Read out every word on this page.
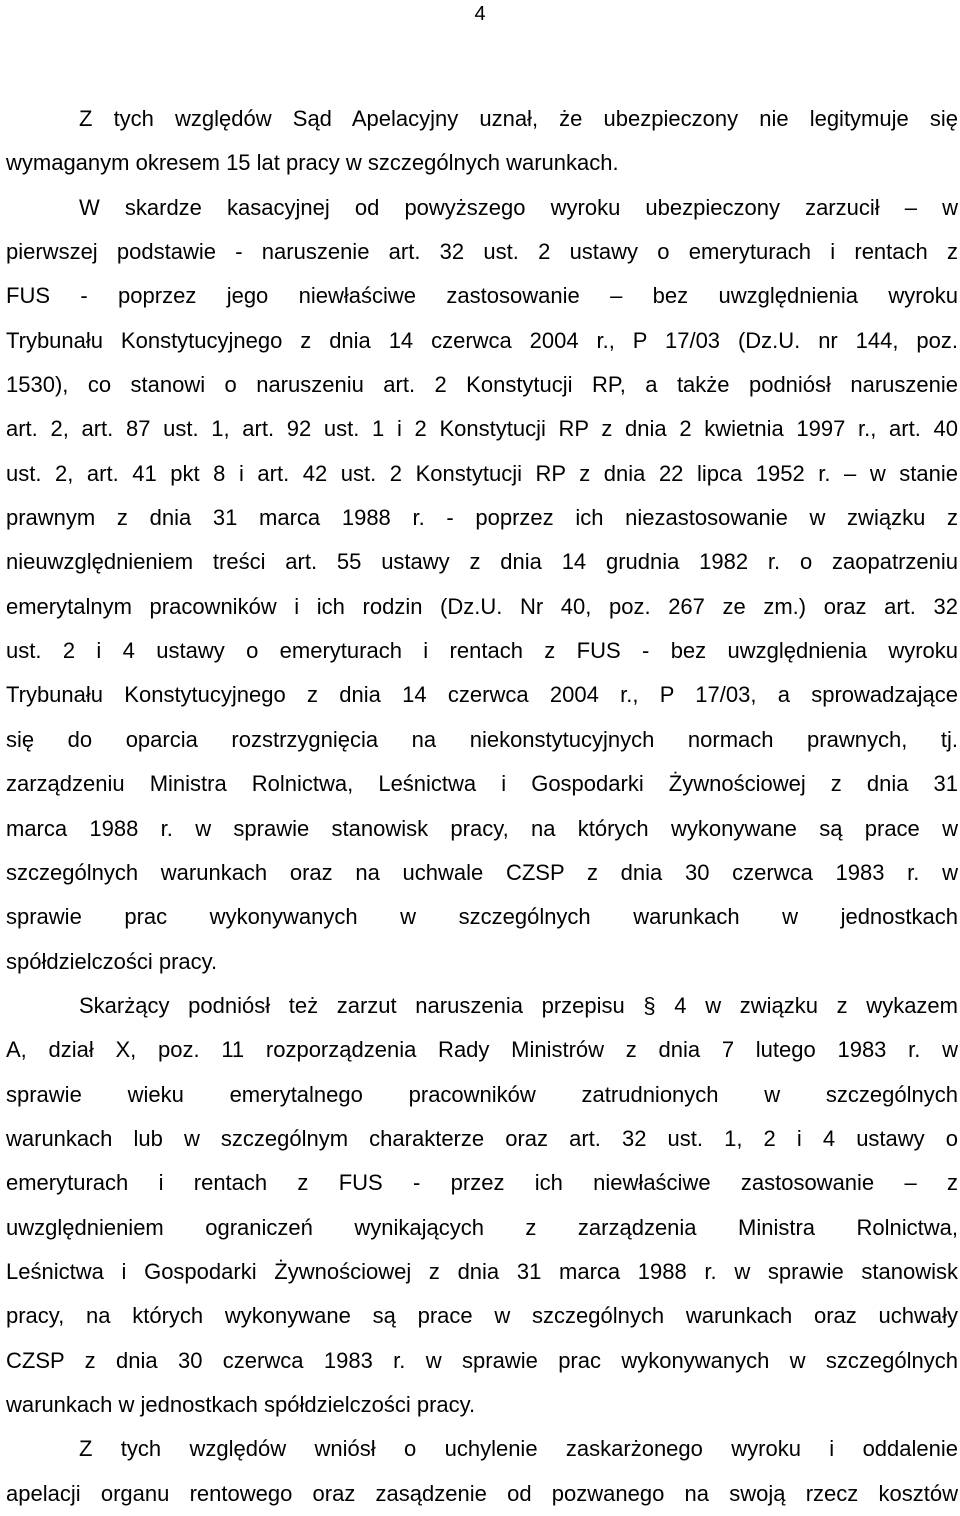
4
Z tych względów Sąd Apelacyjny uznał, że ubezpieczony nie legitymuje się
wymaganym okresem 15 lat pracy w szczególnych warunkach.
W skardze kasacyjnej od powyższego wyroku ubezpieczony zarzucił – w
pierwszej podstawie - naruszenie art. 32 ust. 2 ustawy o emeryturach i rentach z
FUS - poprzez jego niewłaściwe zastosowanie – bez uwzględnienia wyroku
Trybunału Konstytucyjnego z dnia 14 czerwca 2004 r., P 17/03 (Dz.U. nr 144, poz.
1530), co stanowi o naruszeniu art. 2 Konstytucji RP, a także podniósł naruszenie
art. 2, art. 87 ust. 1, art. 92 ust. 1 i 2 Konstytucji RP z dnia 2 kwietnia 1997 r., art. 40
ust. 2, art. 41 pkt 8 i art. 42 ust. 2 Konstytucji RP z dnia 22 lipca 1952 r. – w stanie
prawnym z dnia 31 marca 1988 r. - poprzez ich niezastosowanie w związku z
nieuwzględnieniem treści art. 55 ustawy z dnia 14 grudnia 1982 r. o zaopatrzeniu
emerytalnym pracowników i ich rodzin (Dz.U. Nr 40, poz. 267 ze zm.) oraz art. 32
ust. 2 i 4 ustawy o emeryturach i rentach z FUS - bez uwzględnienia wyroku
Trybunału Konstytucyjnego z dnia 14 czerwca 2004 r., P 17/03, a sprowadzające
się do oparcia rozstrzygnięcia na niekonstytucyjnych normach prawnych, tj.
zarządzeniu Ministra Rolnictwa, Leśnictwa i Gospodarki Żywnościowej z dnia 31
marca 1988 r. w sprawie stanowisk pracy, na których wykonywane są prace w
szczególnych warunkach oraz na uchwale CZSP z dnia 30 czerwca 1983 r. w
sprawie prac wykonywanych w szczególnych warunkach w jednostkach
spółdzielczości pracy.
Skarżący podniósł też zarzut naruszenia przepisu § 4 w związku z wykazem
A, dział X, poz. 11 rozporządzenia Rady Ministrów z dnia 7 lutego 1983 r. w
sprawie wieku emerytalnego pracowników zatrudnionych w szczególnych
warunkach lub w szczególnym charakterze oraz art. 32 ust. 1, 2 i 4 ustawy o
emeryturach i rentach z FUS - przez ich niewłaściwe zastosowanie – z
uwzględnieniem ograniczeń wynikających z zarządzenia Ministra Rolnictwa,
Leśnictwa i Gospodarki Żywnościowej z dnia 31 marca 1988 r. w sprawie stanowisk
pracy, na których wykonywane są prace w szczególnych warunkach oraz uchwały
CZSP z dnia 30 czerwca 1983 r. w sprawie prac wykonywanych w szczególnych
warunkach w jednostkach spółdzielczości pracy.
Z tych względów wniósł o uchylenie zaskarżonego wyroku i oddalenie
apelacji organu rentowego oraz zasądzenie od pozwanego na swoją rzecz kosztów
